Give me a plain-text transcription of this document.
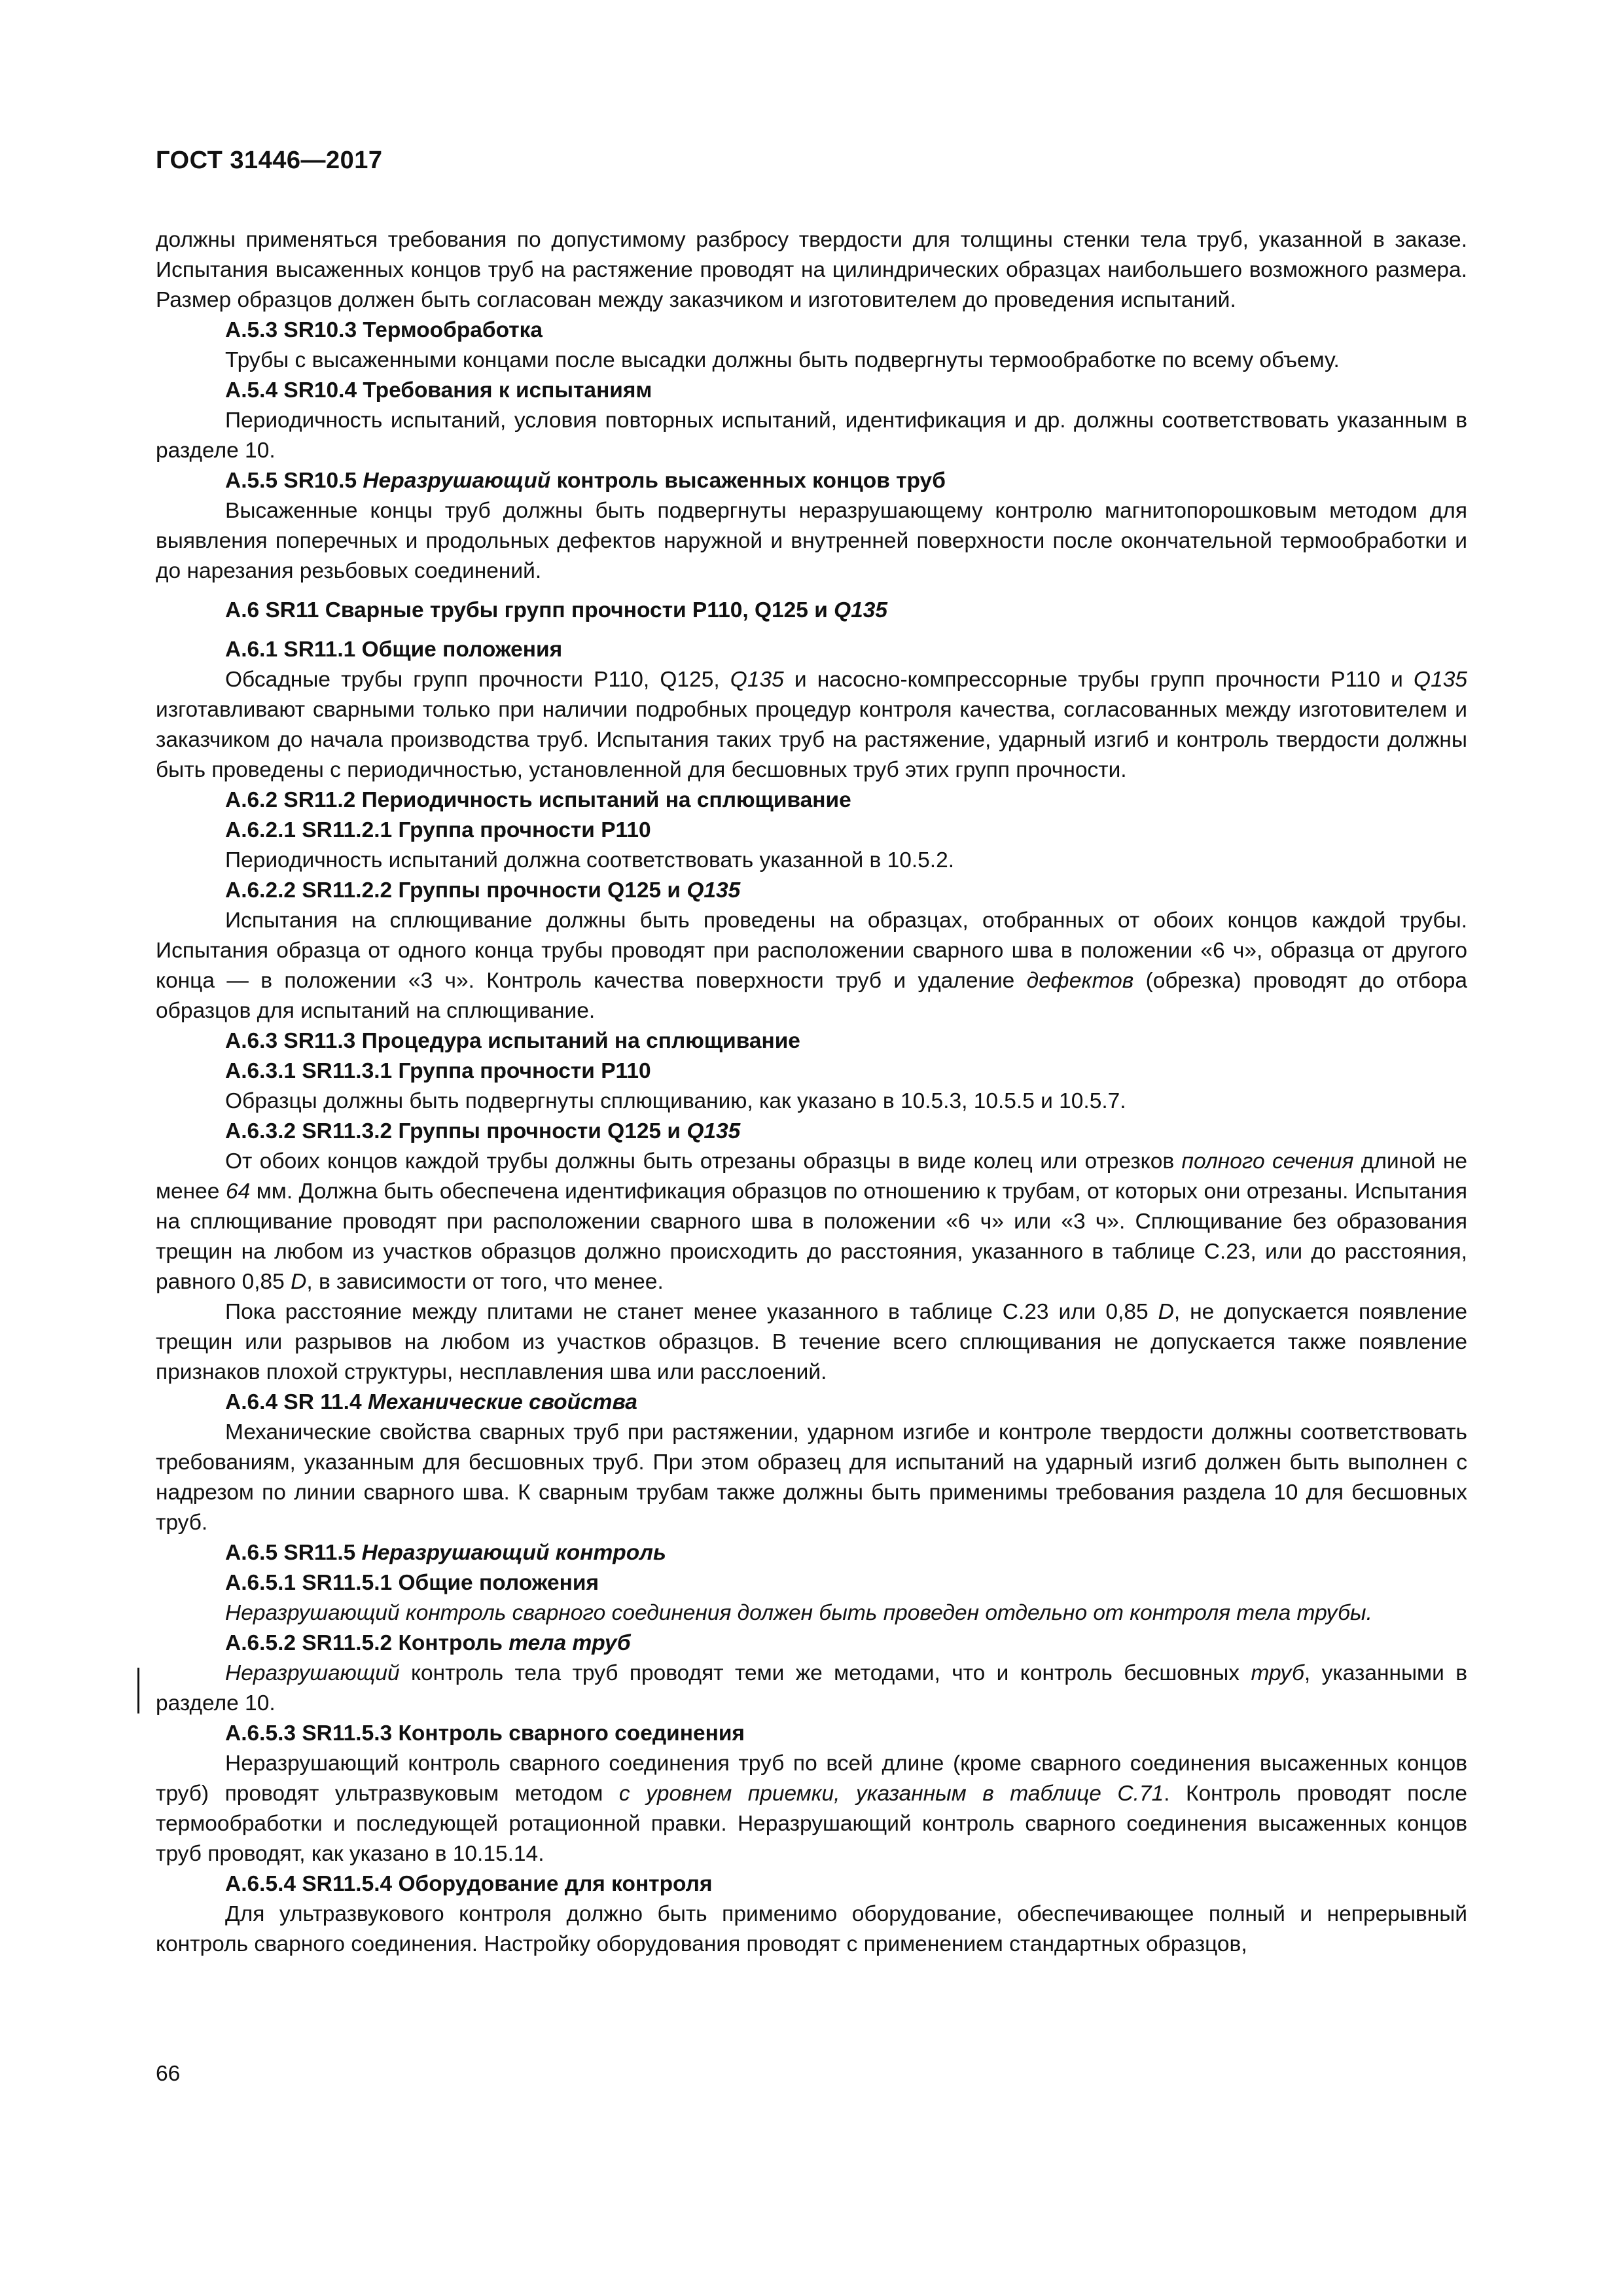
ГОСТ 31446—2017

должны применяться требования по допустимому разбросу твердости для толщины стенки тела труб, указанной в заказе. Испытания высаженных концов труб на растяжение проводят на цилиндрических образцах наибольшего возможного размера. Размер образцов должен быть согласован между заказчиком и изготовителем до проведения испытаний.

А.5.3 SR10.3 Термообработка

Трубы с высаженными концами после высадки должны быть подвергнуты термообработке по всему объему.

А.5.4 SR10.4 Требования к испытаниям

Периодичность испытаний, условия повторных испытаний, идентификация и др. должны соответствовать указанным в разделе 10.

А.5.5 SR10.5 Неразрушающий контроль высаженных концов труб

Высаженные концы труб должны быть подвергнуты неразрушающему контролю магнитопорошковым методом для выявления поперечных и продольных дефектов наружной и внутренней поверхности после окончательной термообработки и до нарезания резьбовых соединений.

А.6 SR11 Сварные трубы групп прочности Р110, Q125 и Q135

А.6.1 SR11.1 Общие положения

Обсадные трубы групп прочности Р110, Q125, Q135 и насосно-компрессорные трубы групп прочности Р110 и Q135 изготавливают сварными только при наличии подробных процедур контроля качества, согласованных между изготовителем и заказчиком до начала производства труб. Испытания таких труб на растяжение, ударный изгиб и контроль твердости должны быть проведены с периодичностью, установленной для бесшовных труб этих групп прочности.

А.6.2 SR11.2 Периодичность испытаний на сплющивание

А.6.2.1 SR11.2.1 Группа прочности Р110

Периодичность испытаний должна соответствовать указанной в 10.5.2.

А.6.2.2 SR11.2.2 Группы прочности Q125 и Q135

Испытания на сплющивание должны быть проведены на образцах, отобранных от обоих концов каждой трубы. Испытания образца от одного конца трубы проводят при расположении сварного шва в положении «6 ч», образца от другого конца — в положении «3 ч». Контроль качества поверхности труб и удаление дефектов (обрезка) проводят до отбора образцов для испытаний на сплющивание.

А.6.3 SR11.3 Процедура испытаний на сплющивание

А.6.3.1 SR11.3.1 Группа прочности Р110

Образцы должны быть подвергнуты сплющиванию, как указано в 10.5.3, 10.5.5 и 10.5.7.

А.6.3.2 SR11.3.2 Группы прочности Q125 и Q135

От обоих концов каждой трубы должны быть отрезаны образцы в виде колец или отрезков полного сечения длиной не менее 64 мм. Должна быть обеспечена идентификация образцов по отношению к трубам, от которых они отрезаны. Испытания на сплющивание проводят при расположении сварного шва в положении «6 ч» или «3 ч». Сплющивание без образования трещин на любом из участков образцов должно происходить до расстояния, указанного в таблице С.23, или до расстояния, равного 0,85 D, в зависимости от того, что менее.

Пока расстояние между плитами не станет менее указанного в таблице С.23 или 0,85 D, не допускается появление трещин или разрывов на любом из участков образцов. В течение всего сплющивания не допускается также появление признаков плохой структуры, несплавления шва или расслоений.

А.6.4 SR 11.4 Механические свойства

Механические свойства сварных труб при растяжении, ударном изгибе и контроле твердости должны соответствовать требованиям, указанным для бесшовных труб. При этом образец для испытаний на ударный изгиб должен быть выполнен с надрезом по линии сварного шва. К сварным трубам также должны быть применимы требования раздела 10 для бесшовных труб.

А.6.5 SR11.5 Неразрушающий контроль

А.6.5.1 SR11.5.1 Общие положения

Неразрушающий контроль сварного соединения должен быть проведен отдельно от контроля тела трубы.

А.6.5.2 SR11.5.2 Контроль тела труб

Неразрушающий контроль тела труб проводят теми же методами, что и контроль бесшовных труб, указанными в разделе 10.

А.6.5.3 SR11.5.3 Контроль сварного соединения

Неразрушающий контроль сварного соединения труб по всей длине (кроме сварного соединения высаженных концов труб) проводят ультразвуковым методом с уровнем приемки, указанным в таблице С.71. Контроль проводят после термообработки и последующей ротационной правки. Неразрушающий контроль сварного соединения высаженных концов труб проводят, как указано в 10.15.14.

А.6.5.4 SR11.5.4 Оборудование для контроля

Для ультразвукового контроля должно быть применимо оборудование, обеспечивающее полный и непрерывный контроль сварного соединения. Настройку оборудования проводят с применением стандартных образцов,

66
